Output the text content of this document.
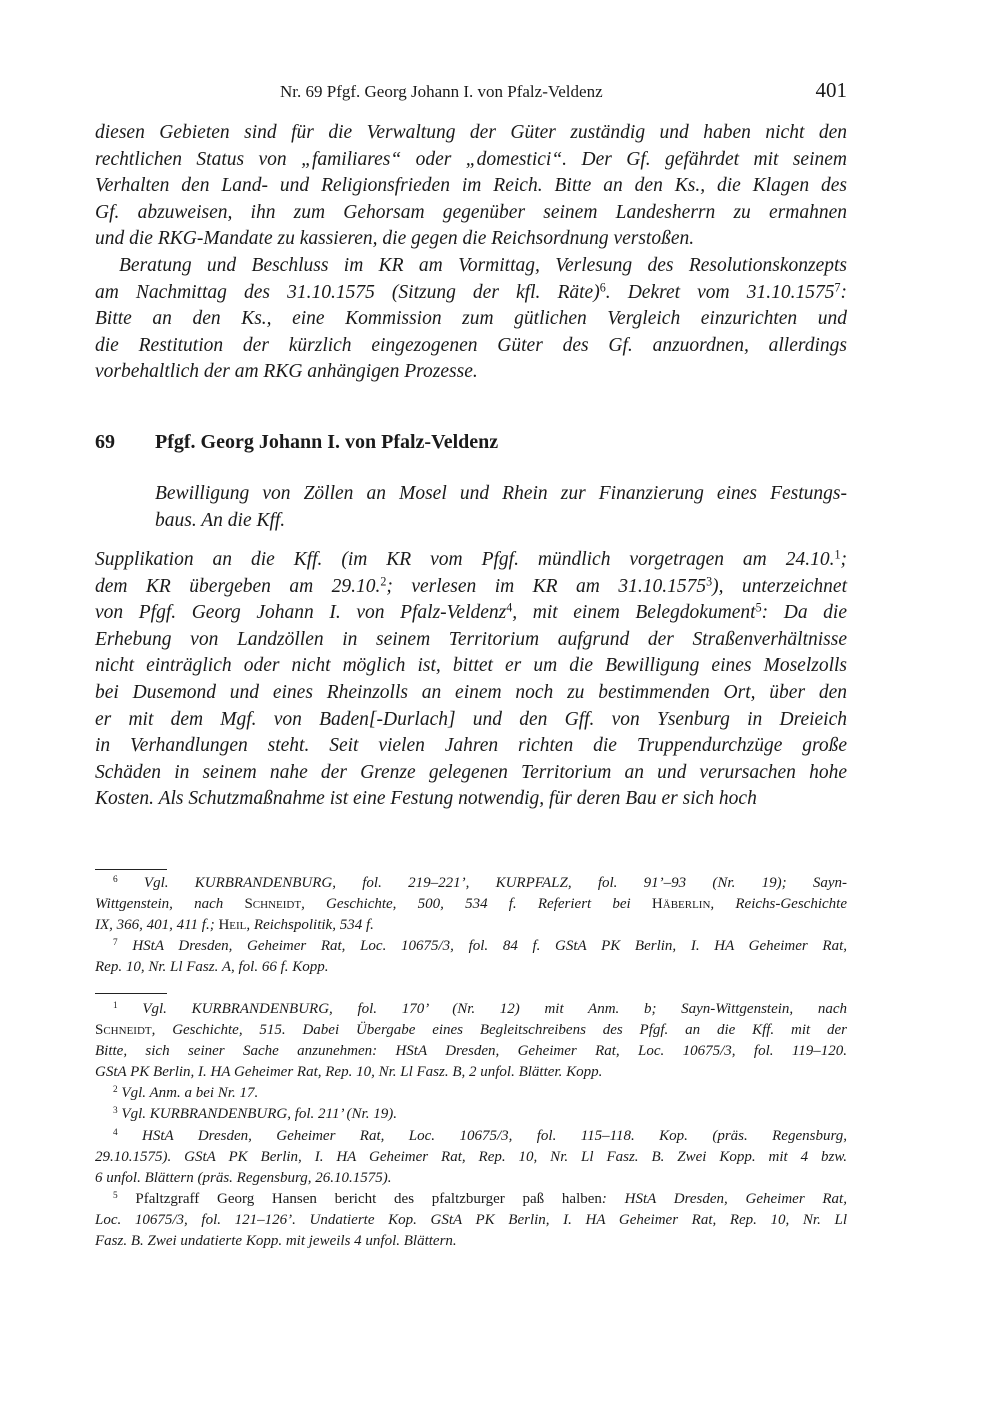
Nr. 69 Pfgf. Georg Johann I. von Pfalz-Veldenz	401
diesen Gebieten sind für die Verwaltung der Güter zuständig und haben nicht den
rechtlichen Status von „familiares“ oder „domestici“. Der Gf. gefährdet mit seinem
Verhalten den Land- und Religionsfrieden im Reich. Bitte an den Ks., die Klagen des
Gf. abzuweisen, ihn zum Gehorsam gegenüber seinem Landesherrn zu ermahnen
und die RKG-Mandate zu kassieren, die gegen die Reichsordnung verstoßen.
Beratung und Beschluss im KR am Vormittag, Verlesung des Resolutionskonzepts
am Nachmittag des 31.10.1575 (Sitzung der kfl. Räte)$^6$. Dekret vom 31.10.1575$^7$:
Bitte an den Ks., eine Kommission zum gütlichen Vergleich einzurichten und
die Restitution der kürzlich eingezogenen Güter des Gf. anzuordnen, allerdings
vorbehaltlich der am RKG anhängigen Prozesse.
69 Pfgf. Georg Johann I. von Pfalz-Veldenz
Bewilligung von Zöllen an Mosel und Rhein zur Finanzierung eines Festungs-
baus. An die Kff.
Supplikation an die Kff. (im KR vom Pfgf. mündlich vorgetragen am 24.10.$^1$;
dem KR übergeben am 29.10.$^2$; verlesen im KR am 31.10.1575$^3$), unterzeichnet
von Pfgf. Georg Johann I. von Pfalz-Veldenz$^4$, mit einem Belegdokument$^5$: Da die
Erhebung von Landzöllen in seinem Territorium aufgrund der Straßenverhältnisse
nicht einträglich oder nicht möglich ist, bittet er um die Bewilligung eines Moselzolls
bei Dusemond und eines Rheinzolls an einem noch zu bestimmenden Ort, über den
er mit dem Mgf. von Baden[-Durlach] und den Gff. von Ysenburg in Dreieich
in Verhandlungen steht. Seit vielen Jahren richten die Truppendurchzüge große
Schäden in seinem nahe der Grenze gelegenen Territorium an und verursachen hohe
Kosten. Als Schutzmaßnahme ist eine Festung notwendig, für deren Bau er sich hoch
$^6$ Vgl. KURBRANDENBURG, fol. 219–221’, KURPFALZ, fol. 91’–93 (Nr. 19); Sayn-
Wittgenstein, nach Schneidt, Geschichte, 500, 534 f. Referiert bei Häberlin, Reichs-Geschichte
IX, 366, 401, 411 f.; Heil, Reichspolitik, 534 f.
$^7$ HStA Dresden, Geheimer Rat, Loc. 10675/3, fol. 84 f. GStA PK Berlin, I. HA Geheimer Rat,
Rep. 10, Nr. Ll Fasz. A, fol. 66 f. Kopp.
$^1$ Vgl. KURBRANDENBURG, fol. 170’ (Nr. 12) mit Anm. b; Sayn-Wittgenstein, nach
Schneidt, Geschichte, 515. Dabei Übergabe eines Begleitschreibens des Pfgf. an die Kff. mit der
Bitte, sich seiner Sache anzunehmen: HStA Dresden, Geheimer Rat, Loc. 10675/3, fol. 119–120.
GStA PK Berlin, I. HA Geheimer Rat, Rep. 10, Nr. Ll Fasz. B, 2 unfol. Blätter. Kopp.
$^2$ Vgl. Anm. a bei Nr. 17.
$^3$ Vgl. KURBRANDENBURG, fol. 211’ (Nr. 19).
$^4$ HStA Dresden, Geheimer Rat, Loc. 10675/3, fol. 115–118. Kop. (präs. Regensburg,
29.10.1575). GStA PK Berlin, I. HA Geheimer Rat, Rep. 10, Nr. Ll Fasz. B. Zwei Kopp. mit 4 bzw.
6 unfol. Blättern (präs. Regensburg, 26.10.1575).
$^5$ Pfaltzgraff Georg Hansen bericht des pfaltzburger paß halben: HStA Dresden, Geheimer Rat,
Loc. 10675/3, fol. 121–126’. Undatierte Kop. GStA PK Berlin, I. HA Geheimer Rat, Rep. 10, Nr. Ll
Fasz. B. Zwei undatierte Kopp. mit jeweils 4 unfol. Blättern.
